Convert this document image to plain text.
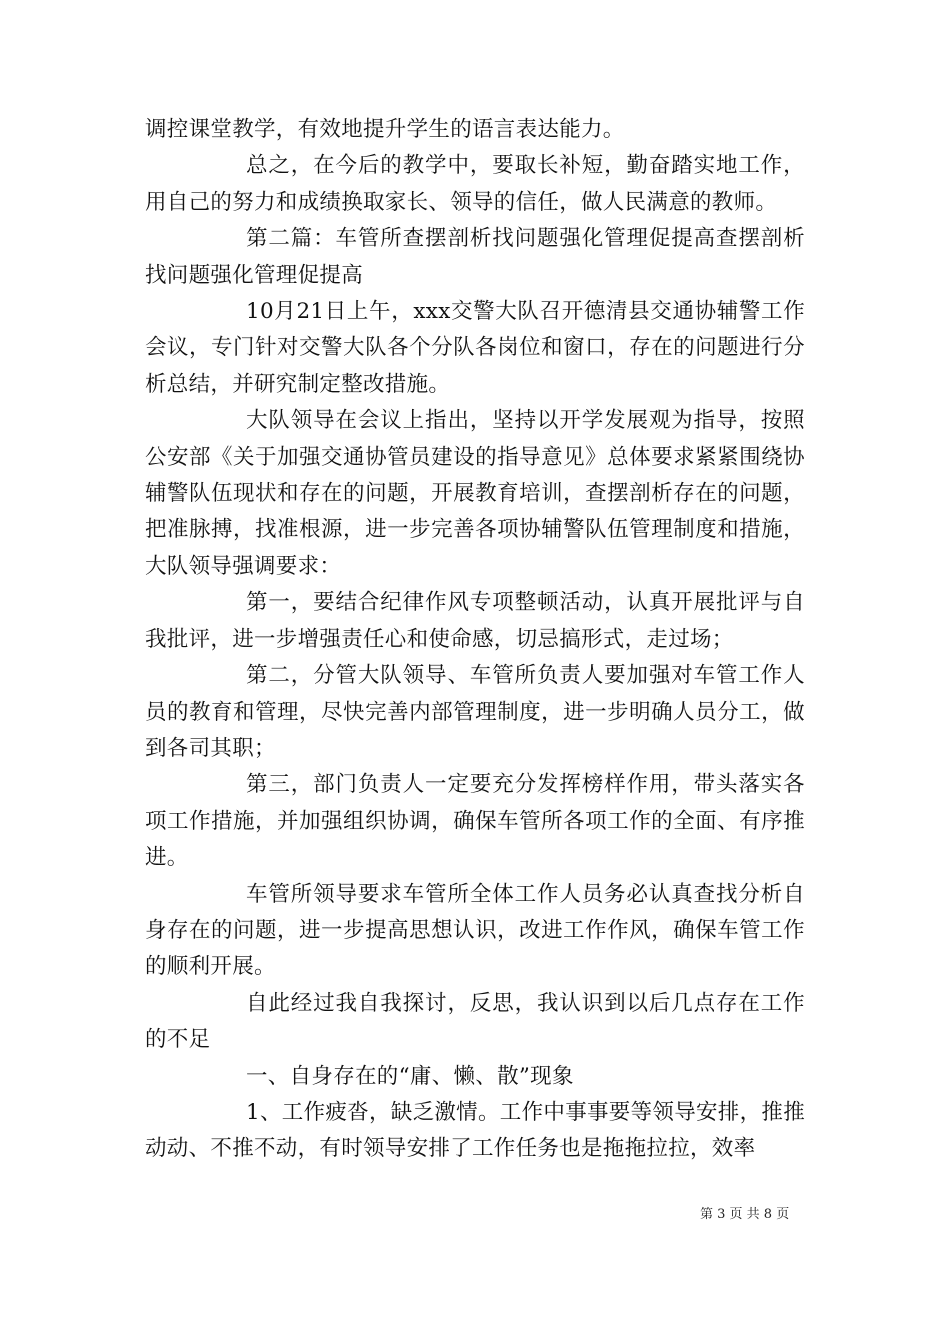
调控课堂教学，有效地提升学生的语言表达能力。

总之，在今后的教学中，要取长补短，勤奋踏实地工作，用自己的努力和成绩换取家长、领导的信任，做人民满意的教师。

第二篇：车管所查摆剖析找问题强化管理促提高查摆剖析找问题强化管理促提高

10月21日上午，xxx交警大队召开德清县交通协辅警工作会议，专门针对交警大队各个分队各岗位和窗口，存在的问题进行分析总结，并研究制定整改措施。

大队领导在会议上指出，坚持以开学发展观为指导，按照公安部《关于加强交通协管员建设的指导意见》总体要求紧紧围绕协辅警队伍现状和存在的问题，开展教育培训，查摆剖析存在的问题，把准脉搏，找准根源，进一步完善各项协辅警队伍管理制度和措施，大队领导强调要求：

第一，要结合纪律作风专项整顿活动，认真开展批评与自我批评，进一步增强责任心和使命感，切忌搞形式，走过场；

第二，分管大队领导、车管所负责人要加强对车管工作人员的教育和管理，尽快完善内部管理制度，进一步明确人员分工，做到各司其职；

第三，部门负责人一定要充分发挥榜样作用，带头落实各项工作措施，并加强组织协调，确保车管所各项工作的全面、有序推进。

车管所领导要求车管所全体工作人员务必认真查找分析自身存在的问题，进一步提高思想认识，改进工作作风，确保车管工作的顺利开展。

自此经过我自我探讨，反思，我认识到以后几点存在工作的不足

一、自身存在的“庸、懒、散”现象

1、工作疲沓，缺乏激情。工作中事事要等领导安排，推推动动、不推不动，有时领导安排了工作任务也是拖拖拉拉，效率

第 3 页 共 8 页
